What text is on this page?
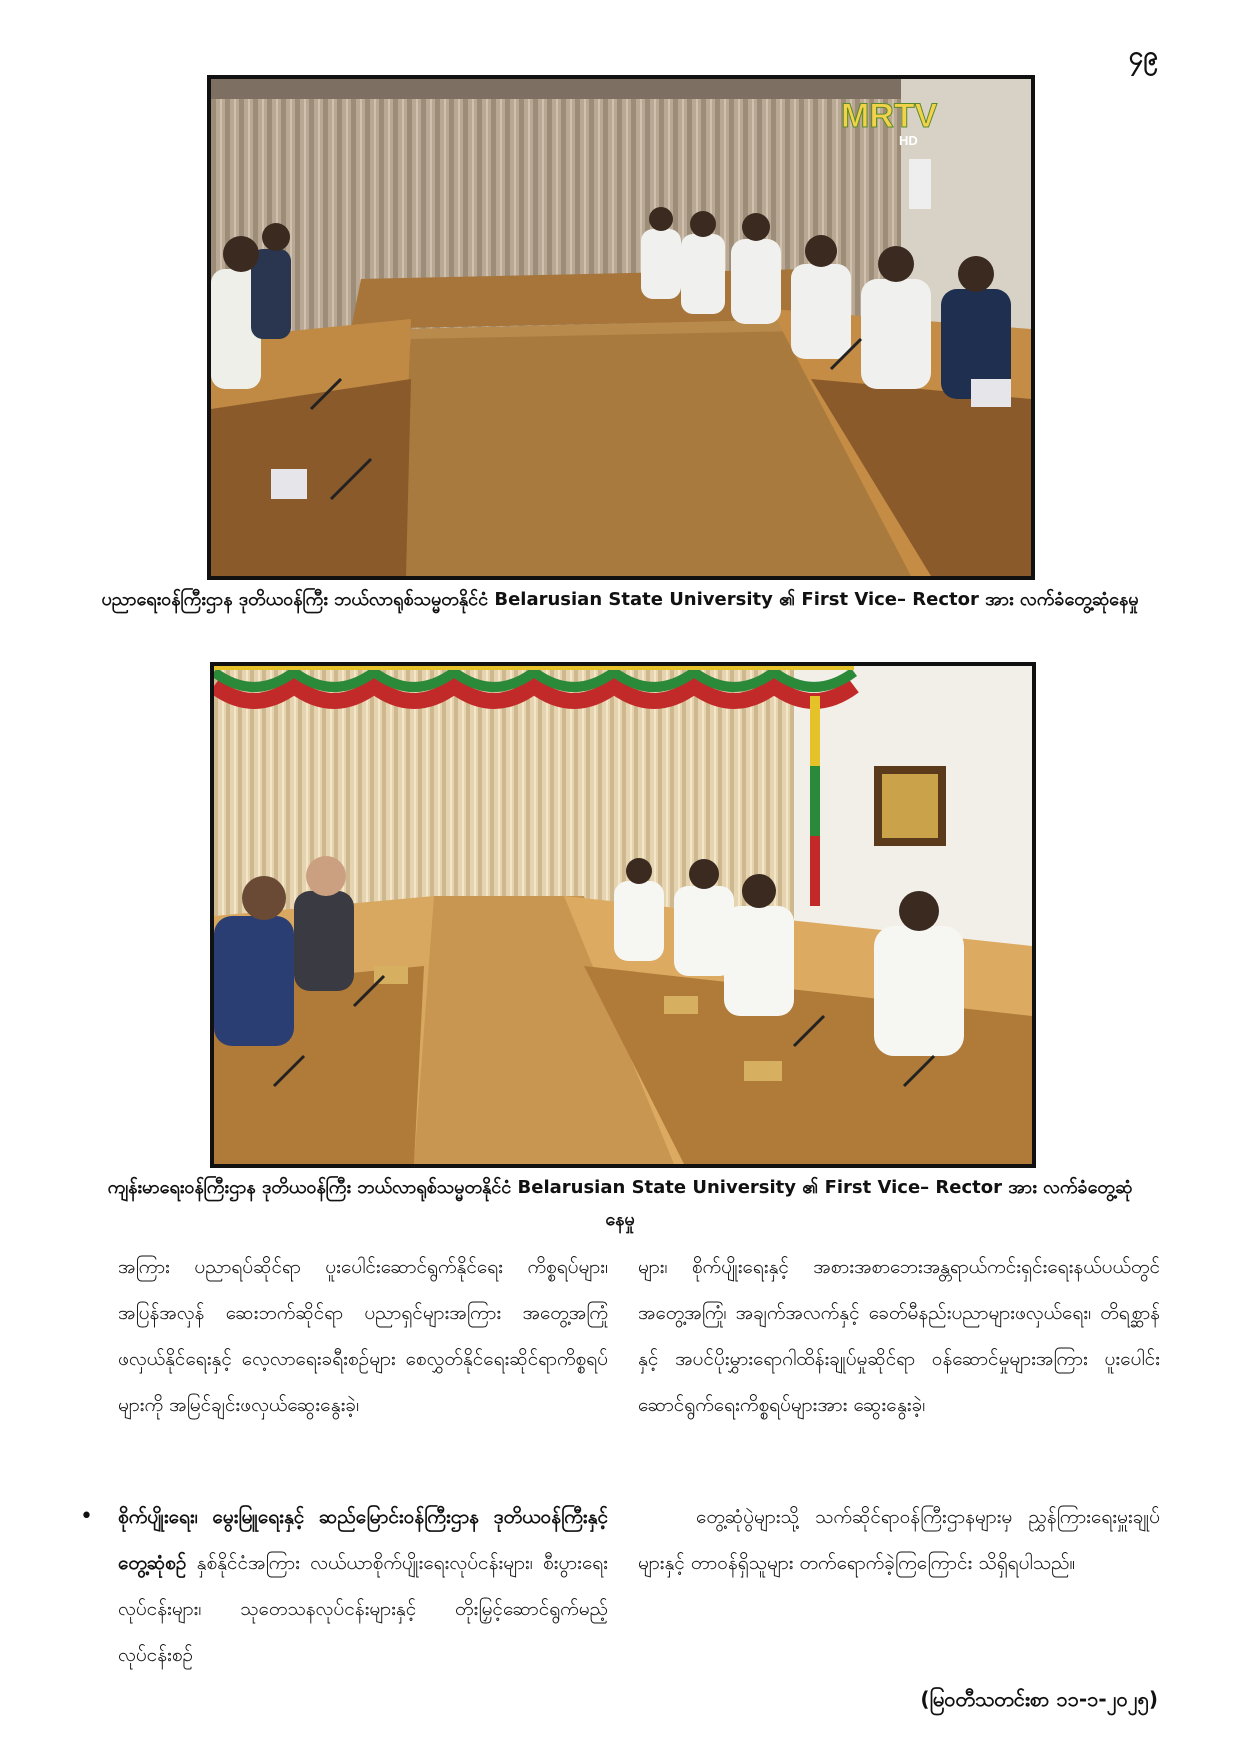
၄၉
MRTV
HD
ပညာရေးဝန်ကြီးဌာန ဒုတိယဝန်ကြီး ဘယ်လာရုစ်သမ္မတနိုင်ငံ Belarusian State University ၏ First Vice– Rector အား လက်ခံတွေ့ဆုံနေမှု
ကျန်းမာရေးဝန်ကြီးဌာန ဒုတိယဝန်ကြီး ဘယ်လာရုစ်သမ္မတနိုင်ငံ Belarusian State University ၏ First Vice– Rector အား လက်ခံတွေ့ဆုံနေမှု

အကြား ပညာရပ်ဆိုင်ရာ ပူးပေါင်းဆောင်ရွက်နိုင်ရေး ကိစ္စရပ်များ၊ အပြန်အလှန် ဆေးဘက်ဆိုင်ရာ ပညာရှင်များအကြား အတွေ့အကြုံဖလှယ်နိုင်ရေးနှင့် လေ့လာရေးခရီးစဉ်များ စေလွှတ်နိုင်ရေးဆိုင်ရာကိစ္စရပ်များကို အမြင်ချင်းဖလှယ်ဆွေးနွေးခဲ့၊

များ၊ စိုက်ပျိုးရေးနှင့် အစားအစာဘေးအန္တရာယ်ကင်းရှင်းရေးနယ်ပယ်တွင် အတွေ့အကြုံ၊ အချက်အလက်နှင့် ခေတ်မီနည်းပညာများဖလှယ်ရေး၊ တိရစ္ဆာန်နှင့် အပင်ပိုးမွှားရောဂါထိန်းချုပ်မှုဆိုင်ရာ ဝန်ဆောင်မှုများအကြား ပူးပေါင်းဆောင်ရွက်ရေးကိစ္စရပ်များအား ဆွေးနွေးခဲ့၊

• စိုက်ပျိုးရေး၊ မွေးမြူရေးနှင့် ဆည်မြောင်းဝန်ကြီးဌာန ဒုတိယဝန်ကြီးနှင့် တွေ့ဆုံစဉ် နှစ်နိုင်ငံအကြား လယ်ယာစိုက်ပျိုးရေးလုပ်ငန်းများ၊ စီးပွားရေးလုပ်ငန်းများ၊ သုတေသနလုပ်ငန်းများနှင့် တိုးမြှင့်ဆောင်ရွက်မည့် လုပ်ငန်းစဉ်

တွေ့ဆုံပွဲများသို့ သက်ဆိုင်ရာဝန်ကြီးဌာနများမှ ညွှန်ကြားရေးမှူးချုပ်များနှင့် တာဝန်ရှိသူများ တက်ရောက်ခဲ့ကြကြောင်း သိရှိရပါသည်။

(မြဝတီသတင်းစာ ၁၁-၁-၂၀၂၅)
